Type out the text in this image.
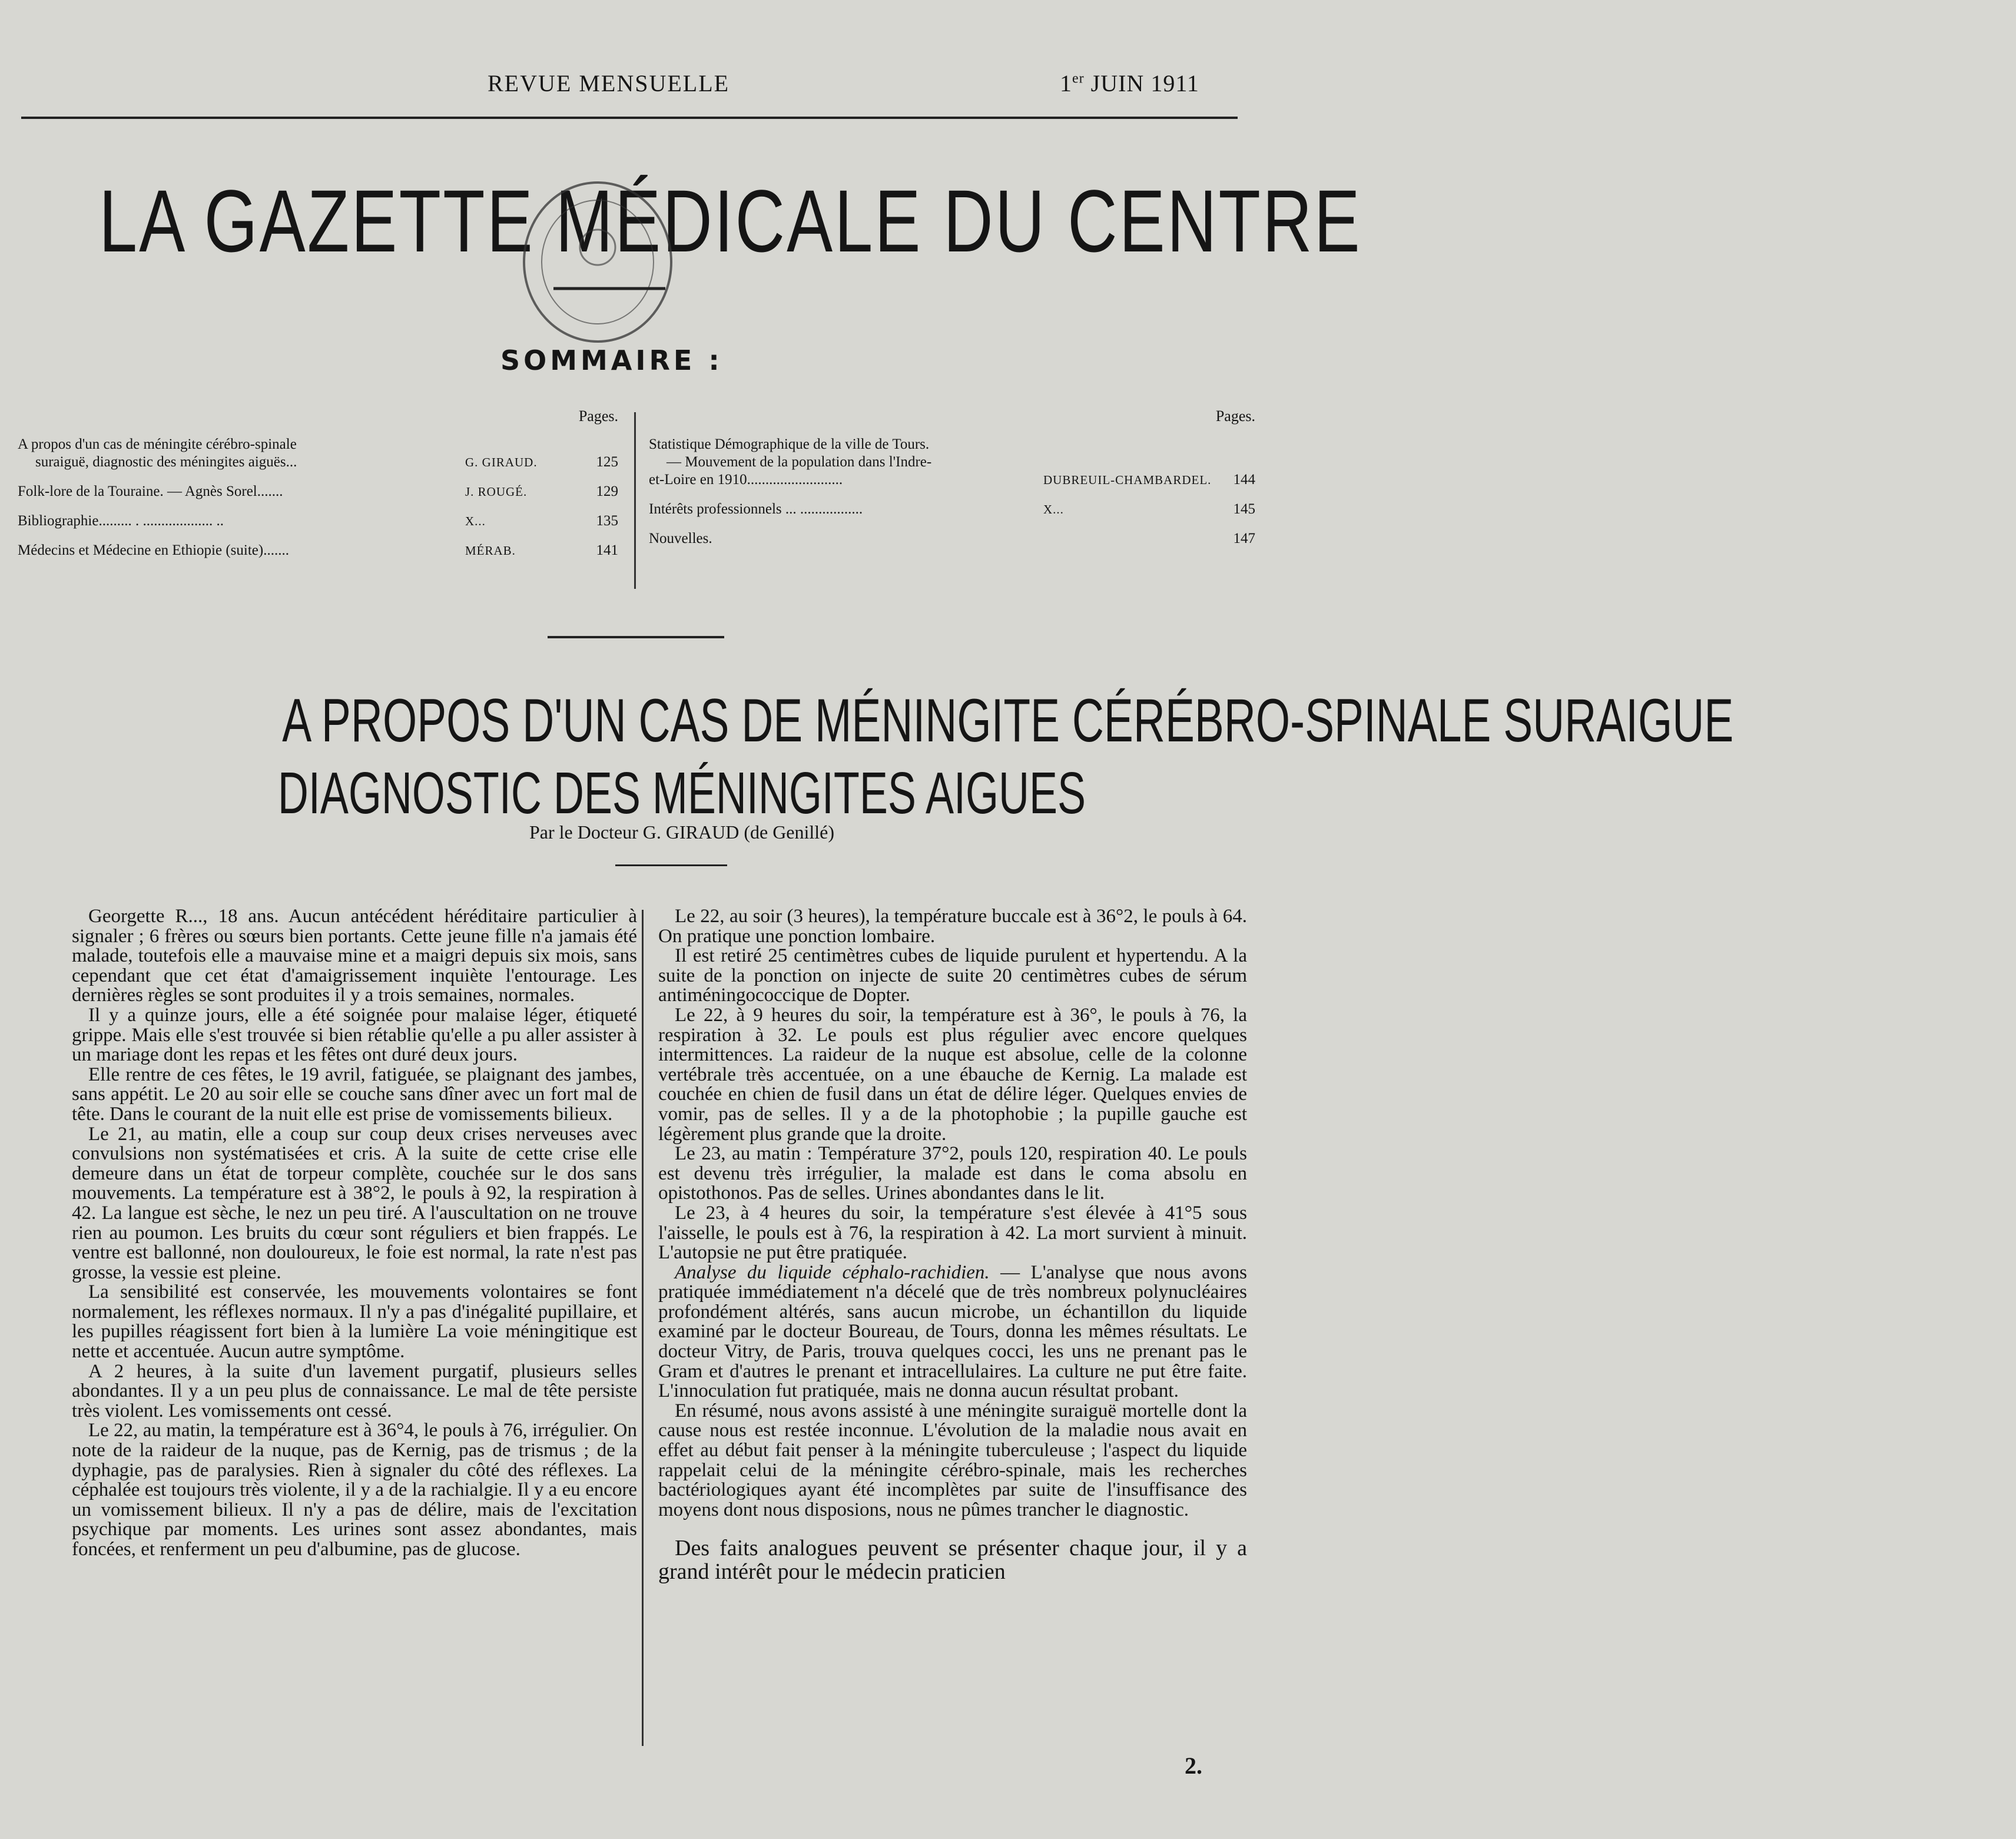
REVUE MENSUELLE	1er JUIN 1911
LA GAZETTE MÉDICALE DU CENTRE
SOMMAIRE :
Pages.
A propos d'un cas de méningite cérébro-spinale
suraiguë, diagnostic des méningites aiguës...	G. GIRAUD.	125
Folk-lore de la Touraine. — Agnès Sorel.......	J. ROUGÉ.	129
Bibliographie......... . ................... ..	X...	135
Médecins et Médecine en Ethiopie (suite).......	MÉRAB.	141
Pages.
Statistique Démographique de la ville de Tours.
— Mouvement de la population dans l'Indre-
et-Loire en 1910..........................	DUBREUIL-CHAMBARDEL.	144
Intérêts professionnels ... .................	X...	145
Nouvelles.	147
A PROPOS D'UN CAS DE MÉNINGITE CÉRÉBRO-SPINALE SURAIGUE
DIAGNOSTIC DES MÉNINGITES AIGUES
Par le Docteur G. GIRAUD (de Genillé)

Georgette R..., 18 ans. Aucun antécédent héréditaire particulier à signaler ; 6 frères ou sœurs bien portants. Cette jeune fille n'a jamais été malade, toutefois elle a mauvaise mine et a maigri depuis six mois, sans cependant que cet état d'amaigrissement inquiète l'entourage. Les dernières règles se sont produites il y a trois semaines, normales.

Il y a quinze jours, elle a été soignée pour malaise léger, étiqueté grippe. Mais elle s'est trouvée si bien rétablie qu'elle a pu aller assister à un mariage dont les repas et les fêtes ont duré deux jours.

Elle rentre de ces fêtes, le 19 avril, fatiguée, se plaignant des jambes, sans appétit. Le 20 au soir elle se couche sans dîner avec un fort mal de tête. Dans le courant de la nuit elle est prise de vomissements bilieux.

Le 21, au matin, elle a coup sur coup deux crises nerveuses avec convulsions non systématisées et cris. A la suite de cette crise elle demeure dans un état de torpeur complète, couchée sur le dos sans mouvements. La température est à 38°2, le pouls à 92, la respiration à 42. La langue est sèche, le nez un peu tiré. A l'auscultation on ne trouve rien au poumon. Les bruits du cœur sont réguliers et bien frappés. Le ventre est ballonné, non douloureux, le foie est normal, la rate n'est pas grosse, la vessie est pleine.

La sensibilité est conservée, les mouvements volontaires se font normalement, les réflexes normaux. Il n'y a pas d'inégalité pupillaire, et les pupilles réagissent fort bien à la lumière La voie méningitique est nette et accentuée. Aucun autre symptôme.

A 2 heures, à la suite d'un lavement purgatif, plusieurs selles abondantes. Il y a un peu plus de connaissance. Le mal de tête persiste très violent. Les vomissements ont cessé.

Le 22, au matin, la température est à 36°4, le pouls à 76, irrégulier. On note de la raideur de la nuque, pas de Kernig, pas de trismus ; de la dyphagie, pas de paralysies. Rien à signaler du côté des réflexes. La céphalée est toujours très violente, il y a de la rachialgie. Il y a eu encore un vomissement bilieux. Il n'y a pas de délire, mais de l'excitation psychique par moments. Les urines sont assez abondantes, mais foncées, et renferment un peu d'albumine, pas de glucose.

Le 22, au soir (3 heures), la température buccale est à 36°2, le pouls à 64. On pratique une ponction lombaire.

Il est retiré 25 centimètres cubes de liquide purulent et hypertendu. A la suite de la ponction on injecte de suite 20 centimètres cubes de sérum antiméningococcique de Dopter.

Le 22, à 9 heures du soir, la température est à 36°, le pouls à 76, la respiration à 32. Le pouls est plus régulier avec encore quelques intermittences. La raideur de la nuque est absolue, celle de la colonne vertébrale très accentuée, on a une ébauche de Kernig. La malade est couchée en chien de fusil dans un état de délire léger. Quelques envies de vomir, pas de selles. Il y a de la photophobie ; la pupille gauche est légèrement plus grande que la droite.

Le 23, au matin : Température 37°2, pouls 120, respiration 40. Le pouls est devenu très irrégulier, la malade est dans le coma absolu en opistothonos. Pas de selles. Urines abondantes dans le lit.

Le 23, à 4 heures du soir, la température s'est élevée à 41°5 sous l'aisselle, le pouls est à 76, la respiration à 42. La mort survient à minuit. L'autopsie ne put être pratiquée.

Analyse du liquide céphalo-rachidien. — L'analyse que nous avons pratiquée immédiatement n'a décelé que de très nombreux polynucléaires profondément altérés, sans aucun microbe, un échantillon du liquide examiné par le docteur Boureau, de Tours, donna les mêmes résultats. Le docteur Vitry, de Paris, trouva quelques cocci, les uns ne prenant pas le Gram et d'autres le prenant et intracellulaires. La culture ne put être faite. L'innoculation fut pratiquée, mais ne donna aucun résultat probant.

En résumé, nous avons assisté à une méningite suraiguë mortelle dont la cause nous est restée inconnue. L'évolution de la maladie nous avait en effet au début fait penser à la méningite tuberculeuse ; l'aspect du liquide rappelait celui de la méningite cérébro-spinale, mais les recherches bactériologiques ayant été incomplètes par suite de l'insuffisance des moyens dont nous disposions, nous ne pûmes trancher le diagnostic.

Des faits analogues peuvent se présenter chaque jour, il y a grand intérêt pour le médecin praticien

2.
